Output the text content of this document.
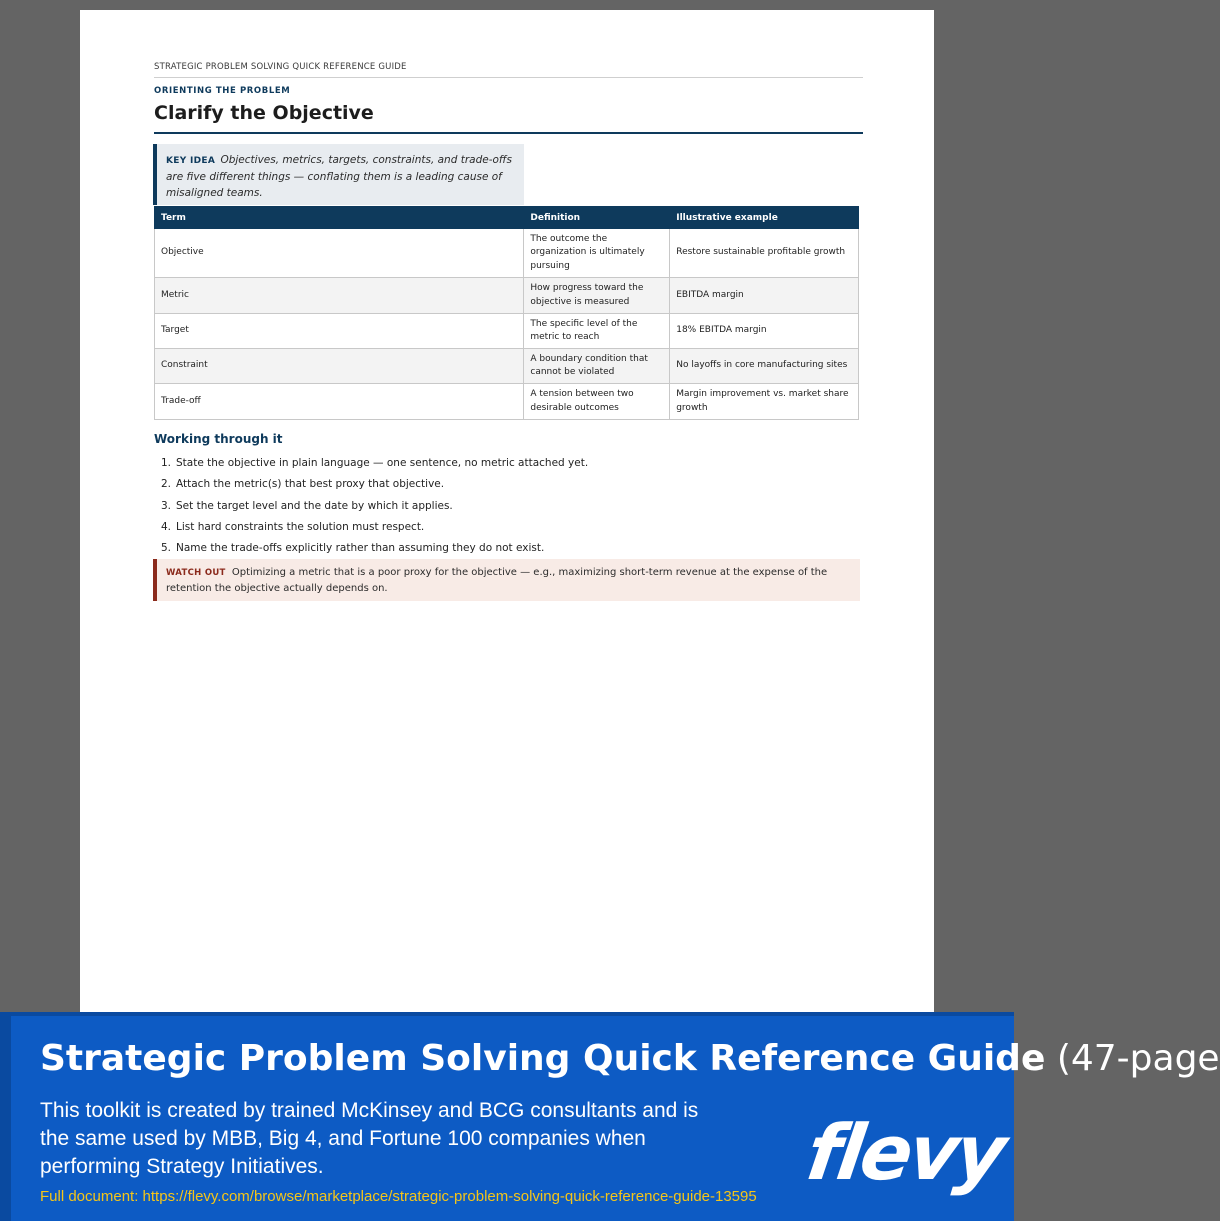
STRATEGIC PROBLEM SOLVING QUICK REFERENCE GUIDE
ORIENTING THE PROBLEM
Clarify the Objective
KEY IDEA Objectives, metrics, targets, constraints, and trade-offs are five different things — conflating them is a leading cause of misaligned teams.
Term	Definition	Illustrative example
Objective	The outcome the organization is ultimately pursuing	Restore sustainable profitable growth
Metric	How progress toward the objective is measured	EBITDA margin
Target	The specific level of the metric to reach	18% EBITDA margin
Constraint	A boundary condition that cannot be violated	No layoffs in core manufacturing sites
Trade-off	A tension between two desirable outcomes	Margin improvement vs. market share growth
Working through it
1. State the objective in plain language — one sentence, no metric attached yet.
2. Attach the metric(s) that best proxy that objective.
3. Set the target level and the date by which it applies.
4. List hard constraints the solution must respect.
5. Name the trade-offs explicitly rather than assuming they do not exist.
WATCH OUT Optimizing a metric that is a poor proxy for the objective — e.g., maximizing short-term revenue at the expense of the retention the objective actually depends on.
Strategic Problem Solving Quick Reference Guide (47-page
This toolkit is created by trained McKinsey and BCG consultants and is the same used by MBB, Big 4, and Fortune 100 companies when performing Strategy Initiatives.
Full document: https://flevy.com/browse/marketplace/strategic-problem-solving-quick-reference-guide-13595 flevy
